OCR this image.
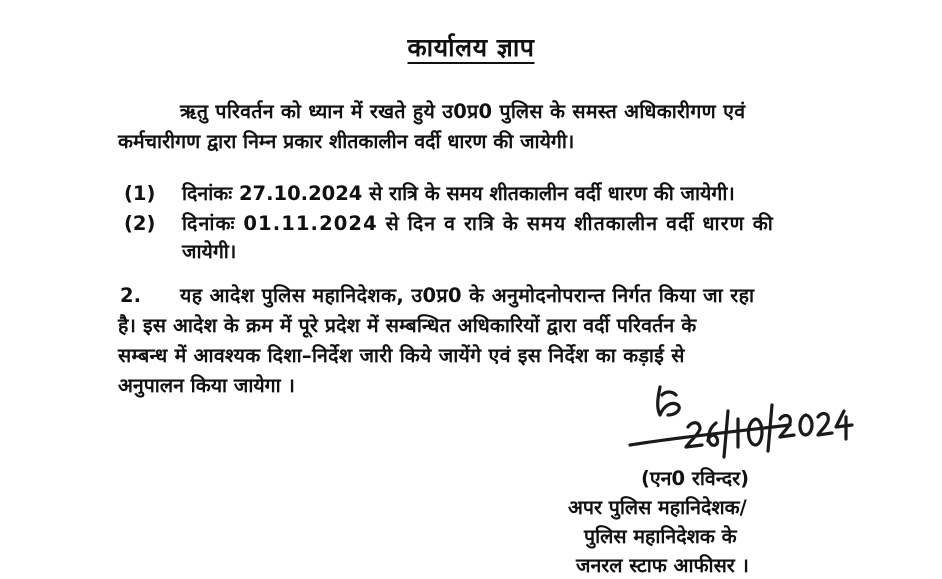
कार्यालय ज्ञाप
ऋतु परिवर्तन को ध्यान में रखते हुये उ0प्र0 पुलिस के समस्त अधिकारीगण एवं
कर्मचारीगण द्वारा निम्न प्रकार शीतकालीन वर्दी धारण की जायेगी।
(1) दिनांकः 27.10.2024 से रात्रि के समय शीतकालीन वर्दी धारण की जायेगी।
(2) दिनांकः 01.11.2024 से दिन व रात्रि के समय शीतकालीन वर्दी धारण की
जायेगी।
2. यह आदेश पुलिस महानिदेशक, उ0प्र0 के अनुमोदनोपरान्त निर्गत किया जा रहा
है। इस आदेश के क्रम में पूरे प्रदेश में सम्बन्धित अधिकारियों द्वारा वर्दी परिवर्तन के
सम्बन्ध में आवश्यक दिशा–निर्देश जारी किये जायेंगे एवं इस निर्देश का कड़ाई से
अनुपालन किया जायेगा ।
(एन0 रविन्दर)
अपर पुलिस महानिदेशक/
पुलिस महानिदेशक के
जनरल स्टाफ आफीसर ।
